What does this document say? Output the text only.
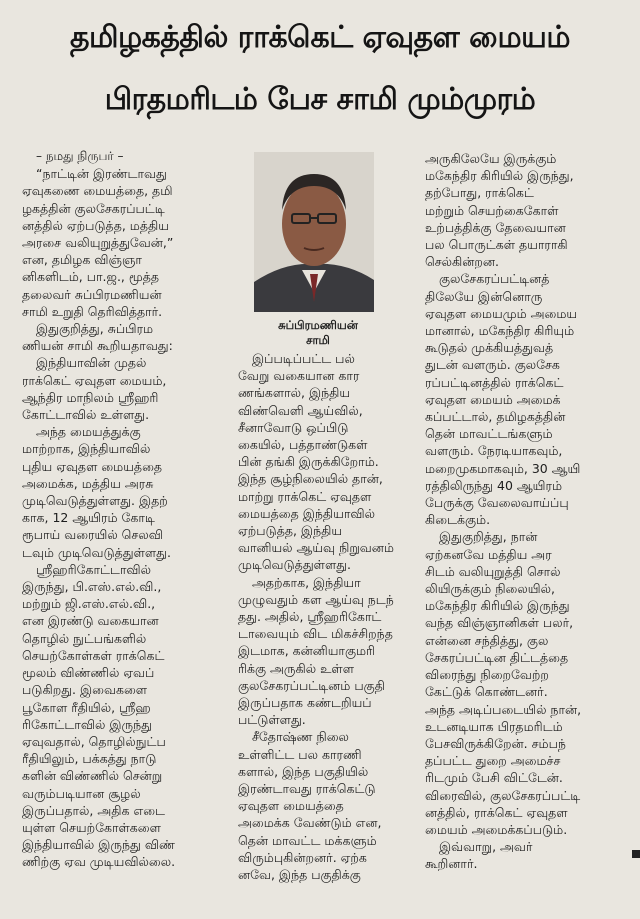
தமிழகத்தில் ராக்கெட் ஏவுதள மையம்
பிரதமரிடம் பேச சாமி மும்முரம்
– நமது நிருபர் –
“நாட்டின் இரண்டாவது
ஏவுகணை மையத்தை, தமி
ழகத்தின் குலசேகரப்பட்டி
னத்தில் ஏற்படுத்த, மத்திய
அரசை வலியுறுத்துவேன்,”
என, தமிழக விஞ்ஞா
னிகளிடம், பா.ஜ., மூத்த
தலைவர் சுப்பிரமணியன்
சாமி உறுதி தெரிவித்தார்.
இதுகுறித்து, சுப்பிரம
ணியன் சாமி கூறியதாவது:
இந்தியாவின் முதல்
ராக்கெட் ஏவுதள மையம்,
ஆந்திர மாநிலம் ஸ்ரீஹரி
கோட்டாவில் உள்ளது.
அந்த மையத்துக்கு
மாற்றாக, இந்தியாவில்
புதிய ஏவுதள மையத்தை
அமைக்க, மத்திய அரசு
முடிவெடுத்துள்ளது. இதற்
காக, 12 ஆயிரம் கோடி
ரூபாய் வரையில் செலவி
டவும் முடிவெடுத்துள்ளது.
ஸ்ரீஹரிகோட்டாவில்
இருந்து, பி.எஸ்.எல்.வி.,
மற்றும் ஜி.எஸ்.எல்.வி.,
என இரண்டு வகையான
தொழில் நுட்பங்களில்
செயற்கோள்கள் ராக்கெட்
மூலம் விண்ணில் ஏவப்
படுகிறது. இவைகளை
பூகோள ரீதியில், ஸ்ரீஹ
ரிகோட்டாவில் இருந்து
ஏவுவதால், தொழில்நுட்ப
ரீதியிலும், பக்கத்து நாடு
களின் விண்ணில் சென்று
வரும்படியான சூழல்
இருப்பதால், அதிக எடை
யுள்ள செயற்கோள்களை
இந்தியாவில் இருந்து விண்
ணிற்கு ஏவ முடியவில்லை.
சுப்பிரமணியன்
சாமி
இப்படிப்பட்ட பல்
வேறு வகையான கார
ணங்களால், இந்திய
விண்வெளி ஆய்வில்,
சீனாவோடு ஒப்பிடு
கையில், பத்தாண்டுகள்
பின் தங்கி இருக்கிறோம்.
இந்த சூழ்நிலையில் தான்,
மாற்று ராக்கெட் ஏவுதள
மையத்தை இந்தியாவில்
ஏற்படுத்த, இந்திய
வானியல் ஆய்வு நிறுவனம்
முடிவெடுத்துள்ளது.
அதற்காக, இந்தியா
முழுவதும் கள ஆய்வு நடந்
தது. அதில், ஸ்ரீஹரிகோட்
டாவையும் விட மிகச்சிறந்த
இடமாக, கன்னியாகுமரி
ரிக்கு அருகில் உள்ள
குலசேகரப்பட்டினம் பகுதி
இருப்பதாக கண்டறியப்
பட்டுள்ளது.
சீதோஷ்ண நிலை
உள்ளிட்ட பல காரணி
களால், இந்த பகுதியில்
இரண்டாவது ராக்கெட்டு
ஏவுதள மையத்தை
அமைக்க வேண்டும் என,
தென் மாவட்ட மக்களும்
விரும்புகின்றனர். ஏற்க
னவே, இந்த பகுதிக்கு
அருகிலேயே இருக்கும்
மகேந்திர கிரியில் இருந்து,
தற்போது, ராக்கெட்
மற்றும் செயற்கைகோள்
உற்பத்திக்கு தேவையான
பல பொருட்கள் தயாராகி
செல்கின்றன.
குலசேகரப்பட்டினத்
திலேயே இன்னொரு
ஏவுதள மையமும் அமைய
மானால், மகேந்திர கிரியும்
கூடுதல் முக்கியத்துவத்
துடன் வளரும். குலசேக
ரப்பட்டினத்தில் ராக்கெட்
ஏவுதள மையம் அமைக்
கப்பட்டால், தமிழகத்தின்
தென் மாவட்டங்களும்
வளரும். நேரடியாகவும்,
மறைமுகமாகவும், 30 ஆயி
ரத்திலிருந்து 40 ஆயிரம்
பேருக்கு வேலைவாய்ப்பு
கிடைக்கும்.
இதுகுறித்து, நான்
ஏற்கனவே மத்திய அர
சிடம் வலியுறுத்தி சொல்
லியிருக்கும் நிலையில்,
மகேந்திர கிரியில் இருந்து
வந்த விஞ்ஞானிகள் பலர்,
என்னை சந்தித்து, குல
சேகரப்பட்டின திட்டத்தை
விரைந்து நிறைவேற்ற
கேட்டுக் கொண்டனர்.
அந்த அடிப்படையில் நான்,
உடனடியாக பிரதமரிடம்
பேசவிருக்கிறேன். சம்பந்
தப்பட்ட துறை அமைச்ச
ரிடமும் பேசி விட்டேன்.
விரைவில், குலசேகரப்பட்டி
னத்தில், ராக்கெட் ஏவுதள
மையம் அமைக்கப்படும்.
இவ்வாறு, அவர்
கூறினார்.
